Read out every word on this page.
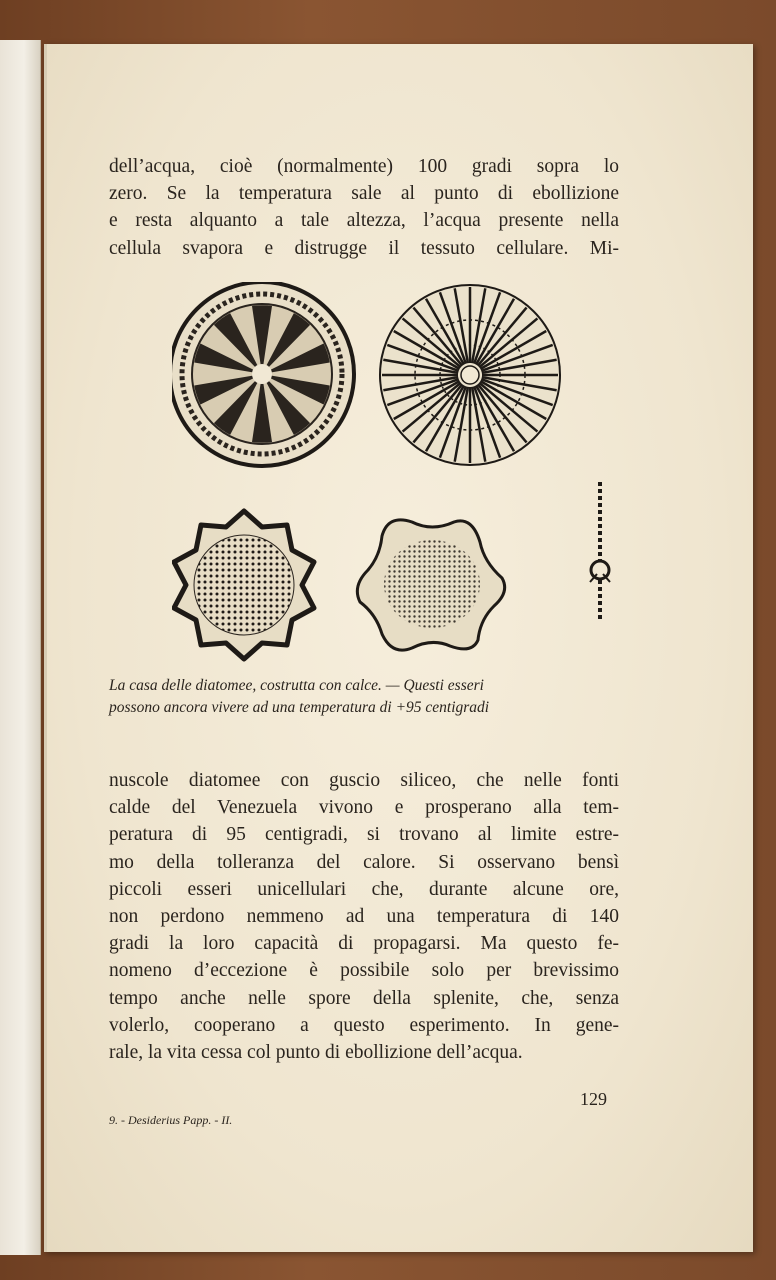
dell’acqua, cioè (normalmente) 100 gradi sopra lo
zero. Se la temperatura sale al punto di ebollizione
e resta alquanto a tale altezza, l’acqua presente nella
cellula svapora e distrugge il tessuto cellulare. Mi-

La casa delle diatomee, costrutta con calce. — Questi esseri
possono ancora vivere ad una temperatura di +95 centigradi

nuscole diatomee con guscio siliceo, che nelle fonti
calde del Venezuela vivono e prosperano alla tem-
peratura di 95 centigradi, si trovano al limite estre-
mo della tolleranza del calore. Si osservano bensì
piccoli esseri unicellulari che, durante alcune ore,
non perdono nemmeno ad una temperatura di 140
gradi la loro capacità di propagarsi. Ma questo fe-
nomeno d’eccezione è possibile solo per brevissimo
tempo anche nelle spore della splenite, che, senza
volerlo, cooperano a questo esperimento. In gene-
rale, la vita cessa col punto di ebollizione dell’acqua.

129
9. - Desiderius Papp. - II.
